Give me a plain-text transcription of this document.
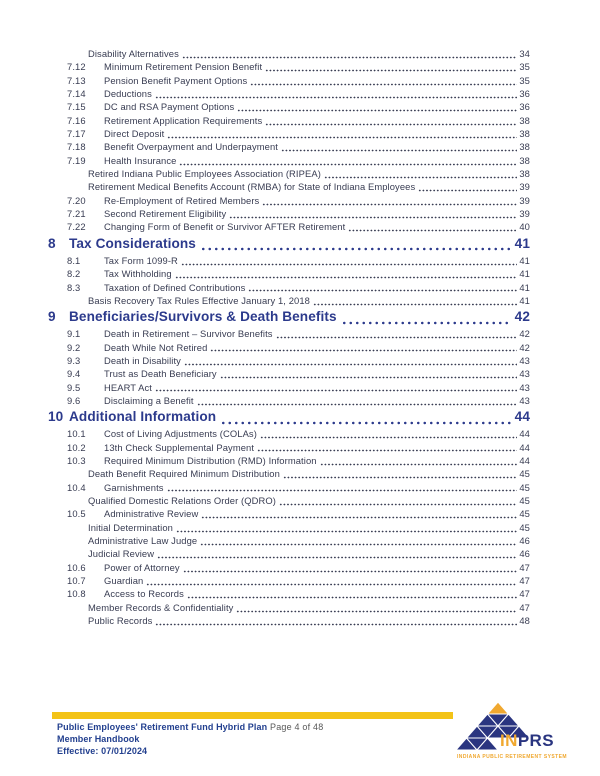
Disability Alternatives	34
7.12	Minimum Retirement Pension Benefit	35
7.13	Pension Benefit Payment Options	35
7.14	Deductions	36
7.15	DC and RSA Payment Options	36
7.16	Retirement Application Requirements	38
7.17	Direct Deposit	38
7.18	Benefit Overpayment and Underpayment	38
7.19	Health Insurance	38
Retired Indiana Public Employees Association (RIPEA)	38
Retirement Medical Benefits Account (RMBA) for State of Indiana Employees	39
7.20	Re-Employment of Retired Members	39
7.21	Second Retirement Eligibility	39
7.22	Changing Form of Benefit or Survivor AFTER Retirement	40
8 Tax Considerations	41
8.1	Tax Form 1099-R	41
8.2	Tax Withholding	41
8.3	Taxation of Defined Contributions	41
Basis Recovery Tax Rules Effective January 1, 2018	41
9 Beneficiaries/Survivors & Death Benefits	42
9.1	Death in Retirement – Survivor Benefits	42
9.2	Death While Not Retired	42
9.3	Death in Disability	43
9.4	Trust as Death Beneficiary	43
9.5	HEART Act	43
9.6	Disclaiming a Benefit	43
10 Additional Information	44
10.1	Cost of Living Adjustments (COLAs)	44
10.2	13th Check Supplemental Payment	44
10.3	Required Minimum Distribution (RMD) Information	44
Death Benefit Required Minimum Distribution	45
10.4	Garnishments	45
Qualified Domestic Relations Order (QDRO)	45
10.5	Administrative Review	45
Initial Determination	45
Administrative Law Judge	46
Judicial Review	46
10.6	Power of Attorney	47
10.7	Guardian	47
10.8	Access to Records	47
Member Records & Confidentiality	47
Public Records	48
Public Employees' Retirement Fund Hybrid Plan
Member Handbook
Effective: 07/01/2024
Page 4 of 48
INPRS
INDIANA PUBLIC RETIREMENT SYSTEM
